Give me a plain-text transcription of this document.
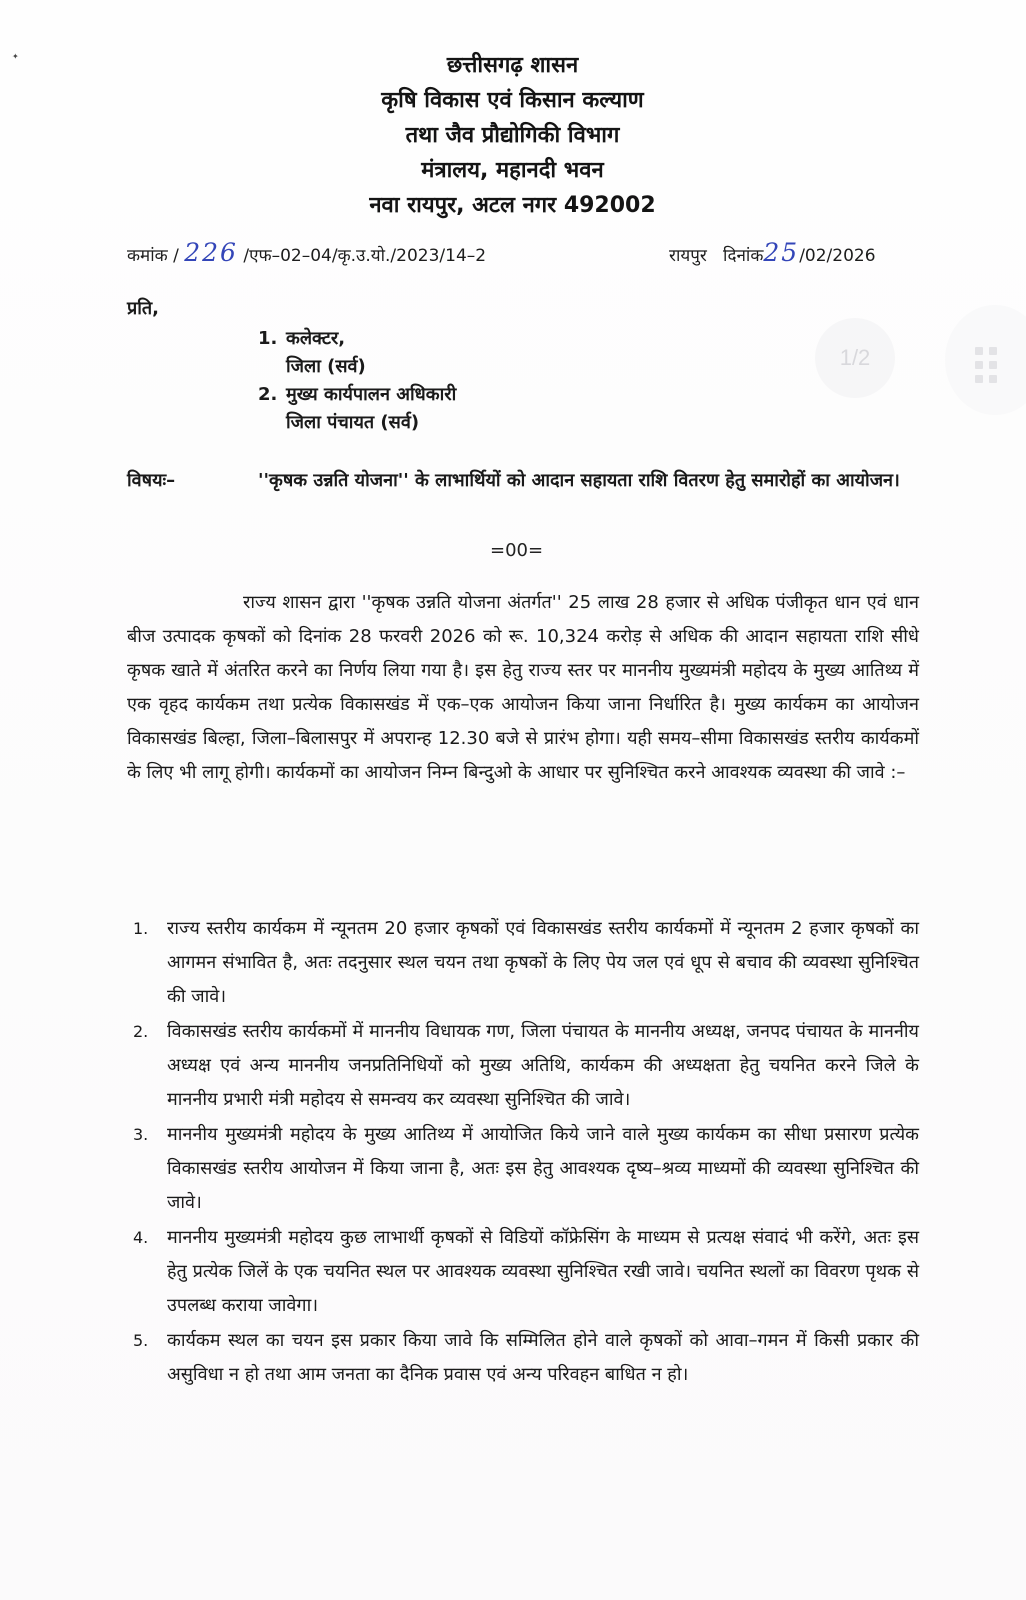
✦	छत्तीसगढ़ शासन
कृषि विकास एवं किसान कल्याण
तथा जैव प्रौद्योगिकी विभाग
मंत्रालय, महानदी भवन
नवा रायपुर, अटल नगर 492002
कमांक / 226 /एफ–02–04/कृ.उ.यो./2023/14–2	रायपुर दिनांक25/02/2026
प्रति,
1. कलेक्टर,
जिला (सर्व)
2. मुख्य कार्यपालन अधिकारी
जिला पंचायत (सर्व)
विषयः–	''कृषक उन्नति योजना'' के लाभार्थियों को आदान सहायता राशि वितरण हेतु समारोहों का आयोजन।
=00=
राज्य शासन द्वारा ''कृषक उन्नति योजना अंतर्गत'' 25 लाख 28 हजार से अधिक पंजीकृत धान एवं धान बीज उत्पादक कृषकों को दिनांक 28 फरवरी 2026 को रू. 10,324 करोड़ से अधिक की आदान सहायता राशि सीधे कृषक खाते में अंतरित करने का निर्णय लिया गया है। इस हेतु राज्य स्तर पर माननीय मुख्यमंत्री महोदय के मुख्य आतिथ्य में एक वृहद कार्यकम तथा प्रत्येक विकासखंड में एक–एक आयोजन किया जाना निर्धारित है। मुख्य कार्यकम का आयोजन विकासखंड बिल्हा, जिला–बिलासपुर में अपरान्ह 12.30 बजे से प्रारंभ होगा। यही समय–सीमा विकासखंड स्तरीय कार्यकमों के लिए भी लागू होगी। कार्यकमों का आयोजन निम्न बिन्दुओ के आधार पर सुनिश्चित करने आवश्यक व्यवस्था की जावे :–
1. राज्य स्तरीय कार्यकम में न्यूनतम 20 हजार कृषकों एवं विकासखंड स्तरीय कार्यकमों में न्यूनतम 2 हजार कृषकों का आगमन संभावित है, अतः तदनुसार स्थल चयन तथा कृषकों के लिए पेय जल एवं धूप से बचाव की व्यवस्था सुनिश्चित की जावे।
2. विकासखंड स्तरीय कार्यकमों में माननीय विधायक गण, जिला पंचायत के माननीय अध्यक्ष, जनपद पंचायत के माननीय अध्यक्ष एवं अन्य माननीय जनप्रतिनिधियों को मुख्य अतिथि, कार्यकम की अध्यक्षता हेतु चयनित करने जिले के माननीय प्रभारी मंत्री महोदय से समन्वय कर व्यवस्था सुनिश्चित की जावे।
3. माननीय मुख्यमंत्री महोदय के मुख्य आतिथ्य में आयोजित किये जाने वाले मुख्य कार्यकम का सीधा प्रसारण प्रत्येक विकासखंड स्तरीय आयोजन में किया जाना है, अतः इस हेतु आवश्यक दृष्य–श्रव्य माध्यमों की व्यवस्था सुनिश्चित की जावे।
4. माननीय मुख्यमंत्री महोदय कुछ लाभार्थी कृषकों से विडियों कॉफ्रेसिंग के माध्यम से प्रत्यक्ष संवादं भी करेंगे, अतः इस हेतु प्रत्येक जिलें के एक चयनित स्थल पर आवश्यक व्यवस्था सुनिश्चित रखी जावे। चयनित स्थलों का विवरण पृथक से उपलब्ध कराया जावेगा।
5. कार्यकम स्थल का चयन इस प्रकार किया जावे कि सम्मिलित होने वाले कृषकों को आवा–गमन में किसी प्रकार की असुविधा न हो तथा आम जनता का दैनिक प्रवास एवं अन्य परिवहन बाधित न हो।
1/2
